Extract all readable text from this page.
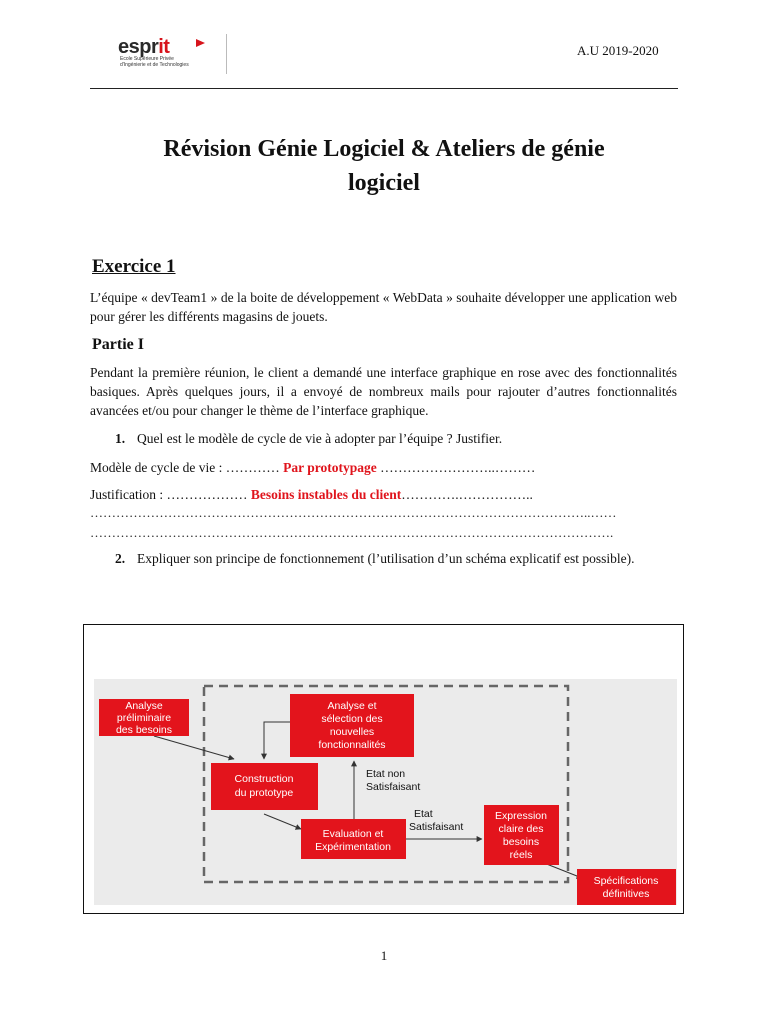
esprit
Ecole Supérieure Privée
d'Ingénierie et de Technologies
A.U 2019-2020
Révision Génie Logiciel & Ateliers de génie
logiciel
Exercice 1
L’équipe « devTeam1 » de la boite de développement « WebData » souhaite développer une application web pour gérer les différents magasins de jouets.
Partie I
Pendant la première réunion, le client a demandé une interface graphique en rose avec des fonctionnalités basiques. Après quelques jours, il a envoyé de nombreux mails pour rajouter d’autres fonctionnalités avancées et/ou pour changer le thème de l’interface graphique.
1. Quel est le modèle de cycle de vie à adopter par l’équipe ? Justifier.
Modèle de cycle de vie : ………… Par prototypage ……………………..………
Justification : ……………… Besoins instables du client………….……………..
……………………………………………………………………………………………………..……
………………………………………………………………………………………………………….
2. Expliquer son principe de fonctionnement (l’utilisation d’un schéma explicatif est possible).
Analyse
préliminaire
des besoins
Analyse et
sélection des
nouvelles
fonctionnalités
Construction
du prototype
Evaluation et
Expérimentation
Expression
claire des
besoins
réels
Spécifications
définitives
Etat non
Satisfaisant
Etat
Satisfaisant
1
